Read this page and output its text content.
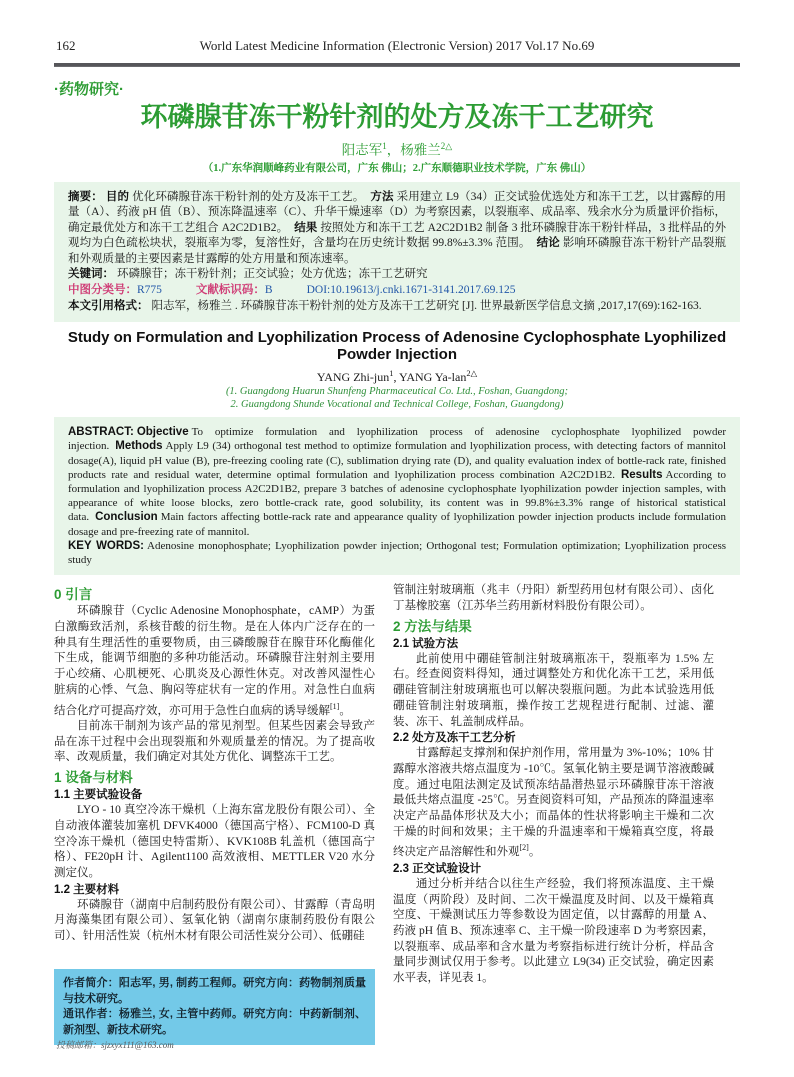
162	World Latest Medicine Information (Electronic Version) 2017 Vol.17 No.69
·药物研究·
环磷腺苷冻干粉针剂的处方及冻干工艺研究
阳志军$^1$，杨雅兰$^{2\triangle}$
（1.广东华润顺峰药业有限公司，广东 佛山；2.广东顺德职业技术学院，广东 佛山）

摘要： 目的 优化环磷腺苷冻干粉针剂的处方及冻干工艺。 方法 采用建立 L9（34）正交试验优选处方和冻干工艺，以甘露醇的用量（A）、药液 pH 值（B）、预冻降温速率（C）、升华干燥速率（D）为考察因素，以裂瓶率、成品率、残余水分为质量评价指标，确定最优处方和冻干工艺组合 A2C2D1B2。 结果 按照处方和冻干工艺 A2C2D1B2 制备 3 批环磷腺苷冻干粉针样品，3 批样品的外观均为白色疏松块状，裂瓶率为零，复溶性好，含量均在历史统计数据 99.8%±3.3% 范围。 结论 影响环磷腺苷冻干粉针产品裂瓶和外观质量的主要因素是甘露醇的处方用量和预冻速率。

关键词： 环磷腺苷；冻干粉针剂；正交试验；处方优选；冻干工艺研究

中图分类号：R775	文献标识码：B	DOI:10.19613/j.cnki.1671-3141.2017.69.125

本文引用格式： 阳志军，杨雅兰 . 环磷腺苷冻干粉针剂的处方及冻干工艺研究 [J]. 世界最新医学信息文摘 ,2017,17(69):162-163.

Study on Formulation and Lyophilization Process of Adenosine Cyclophosphate Lyophilized Powder Injection
YANG Zhi-jun$^1$, YANG Ya-lan$^{2\triangle}$
(1. Guangdong Huarun Shunfeng Pharmaceutical Co. Ltd., Foshan, Guangdong;
2. Guangdong Shunde Vocational and Technical College, Foshan, Guangdong)

ABSTRACT: Objective To optimize formulation and lyophilization process of adenosine cyclophosphate lyophilized powder injection. Methods Apply L9 (34) orthogonal test method to optimize formulation and lyophilization process, with detecting factors of mannitol dosage(A), liquid pH value (B), pre-freezing cooling rate (C), sublimation drying rate (D), and quality evaluation index of bottle-rack rate, finished products rate and residual water, determine optimal formulation and lyophilization process combination A2C2D1B2. Results According to formulation and lyophilization process A2C2D1B2, prepare 3 batches of adenosine cyclophosphate lyophilization powder injection samples, with appearance of white loose blocks, zero bottle-crack rate, good solubility, its content was in 99.8%±3.3% range of historical statistical data. Conclusion Main factors affecting bottle-rack rate and appearance quality of lyophilization powder injection products include formulation dosage and pre-freezing rate of mannitol.

KEY WORDS: Adenosine monophosphate; Lyophilization powder injection; Orthogonal test; Formulation optimization; Lyophilization process study

0 引言

环磷腺苷（Cyclic Adenosine Monophosphate，cAMP）为蛋白激酶致活剂，系核苷酸的衍生物。是在人体内广泛存在的一种具有生理活性的重要物质，由三磷酸腺苷在腺苷环化酶催化下生成，能调节细胞的多种功能活动。环磷腺苷注射剂主要用于心绞痛、心肌梗死、心肌炎及心源性休克。对改善风湿性心脏病的心悸、气急、胸闷等症状有一定的作用。对急性白血病结合化疗可提高疗效，亦可用于急性白血病的诱导缓解[1]。

目前冻干制剂为该产品的常见剂型。但某些因素会导致产品在冻干过程中会出现裂瓶和外观质量差的情况。为了提高收率、改观质量，我们确定对其处方优化、调整冻干工艺。

1 设备与材料
1.1 主要试验设备

LYO - 10 真空冷冻干燥机（上海东富龙股份有限公司）、全自动液体灌装加塞机 DFVK4000（德国高宁格）、FCM100-D 真空冷冻干燥机（德国史特雷斯）、KVK108B 轧盖机（德国高宁格）、FE20pH 计、Agilent1100 高效液相、METTLER V20 水分测定仪。

1.2 主要材料

环磷腺苷（湖南中启制药股份有限公司）、甘露醇（青岛明月海藻集团有限公司）、氢氧化钠（湖南尔康制药股份有限公司）、针用活性炭（杭州木材有限公司活性炭分公司）、低硼硅

作者简介：阳志军, 男, 制药工程师。研究方向：药物制剂质量与技术研究。

通讯作者：杨雅兰, 女, 主管中药师。研究方向：中药新制剂、新剂型、新技术研究。

管制注射玻璃瓶（兆丰（丹阳）新型药用包材有限公司）、卤化丁基橡胶塞（江苏华兰药用新材料股份有限公司）。

2 方法与结果
2.1 试验方法

此前使用中硼硅管制注射玻璃瓶冻干，裂瓶率为 1.5% 左右。经查阅资料得知，通过调整处方和优化冻干工艺，采用低硼硅管制注射玻璃瓶也可以解决裂瓶问题。为此本试验选用低硼硅管制注射玻璃瓶，操作按工艺规程进行配制、过滤、灌装、冻干、轧盖制成样品。

2.2 处方及冻干工艺分析

甘露醇起支撑剂和保护剂作用，常用量为 3%-10%；10% 甘露醇水溶液共熔点温度为 -10℃。氢氧化钠主要是调节溶液酸碱度。通过电阻法测定及试预冻结晶潜热显示环磷腺苷冻干溶液最低共熔点温度 -25℃。另查阅资料可知，产品预冻的降温速率决定产品晶体形状及大小；而晶体的性状将影响主干燥和二次干燥的时间和效果；主干燥的升温速率和干燥箱真空度，将最终决定产品溶解性和外观[2]。

2.3 正交试验设计

通过分析并结合以往生产经验，我们将预冻温度、主干燥温度（两阶段）及时间、二次干燥温度及时间、以及干燥箱真空度、干燥测试压力等参数设为固定值，以甘露醇的用量 A、药液 pH 值 B、预冻速率 C、主干燥一阶段速率 D 为考察因素，以裂瓶率、成品率和含水量为考察指标进行统计分析，样品含量同步测试仅用于参考。以此建立 L9(34) 正交试验，确定因素水平表，详见表 1。

投稿邮箱：sjzxyx111@163.com
